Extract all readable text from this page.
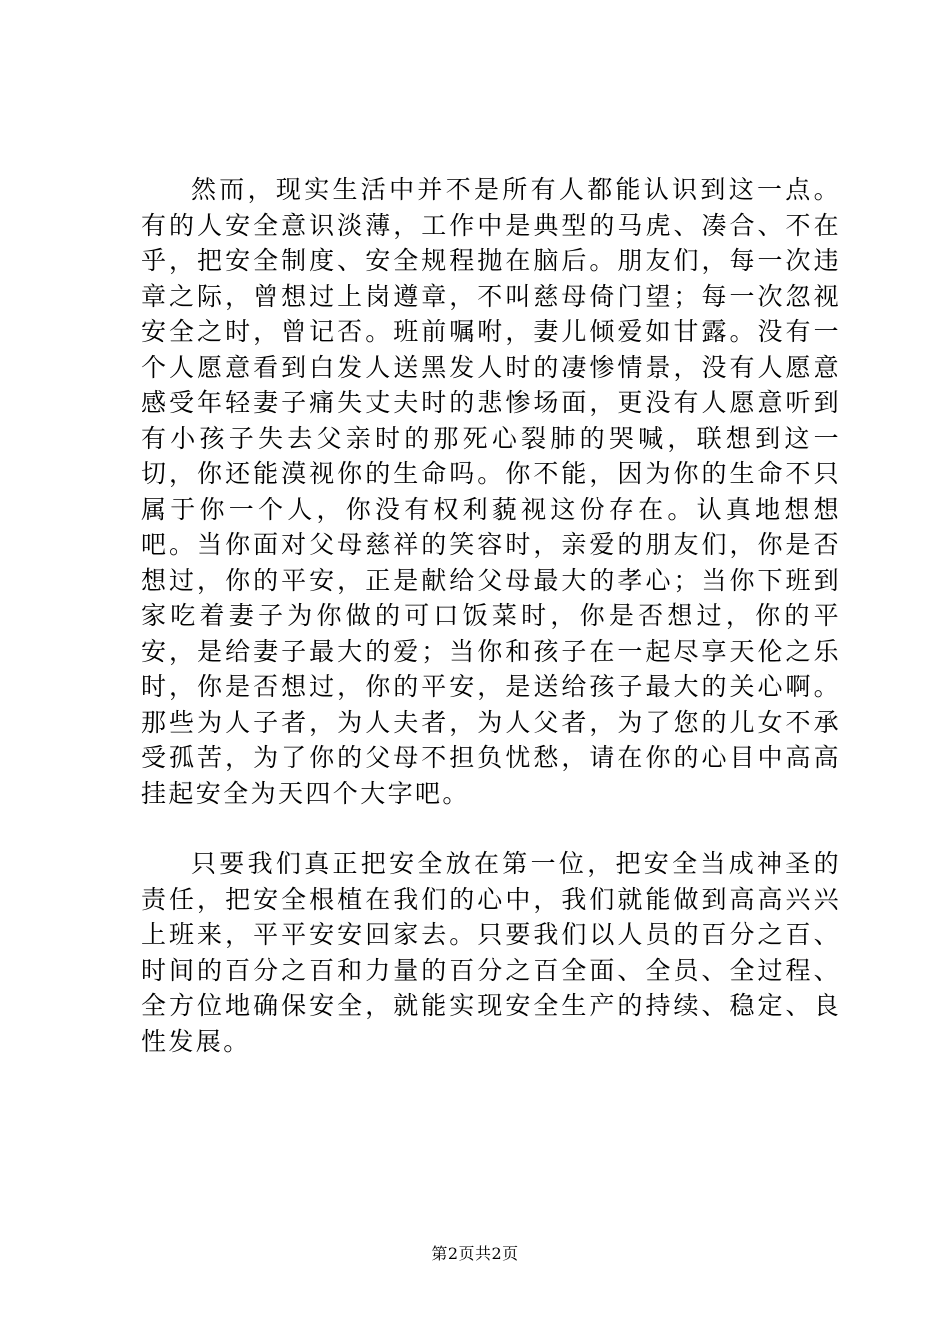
然而，现实生活中并不是所有人都能认识到这一点。有的人安全意识淡薄，工作中是典型的马虎、凑合、不在乎，把安全制度、安全规程抛在脑后。朋友们，每一次违章之际，曾想过上岗遵章，不叫慈母倚门望；每一次忽视安全之时，曾记否。班前嘱咐，妻儿倾爱如甘露。没有一个人愿意看到白发人送黑发人时的凄惨情景，没有人愿意感受年轻妻子痛失丈夫时的悲惨场面，更没有人愿意听到有小孩子失去父亲时的那死心裂肺的哭喊，联想到这一切，你还能漠视你的生命吗。你不能，因为你的生命不只属于你一个人，你没有权利藐视这份存在。认真地想想吧。当你面对父母慈祥的笑容时，亲爱的朋友们，你是否想过，你的平安，正是献给父母最大的孝心；当你下班到家吃着妻子为你做的可口饭菜时，你是否想过，你的平安，是给妻子最大的爱；当你和孩子在一起尽享天伦之乐时，你是否想过，你的平安，是送给孩子最大的关心啊。那些为人子者，为人夫者，为人父者，为了您的儿女不承受孤苦，为了你的父母不担负忧愁，请在你的心目中高高挂起安全为天四个大字吧。

只要我们真正把安全放在第一位，把安全当成神圣的责任，把安全根植在我们的心中，我们就能做到高高兴兴上班来，平平安安回家去。只要我们以人员的百分之百、时间的百分之百和力量的百分之百全面、全员、全过程、全方位地确保安全，就能实现安全生产的持续、稳定、良性发展。

第2页共2页
